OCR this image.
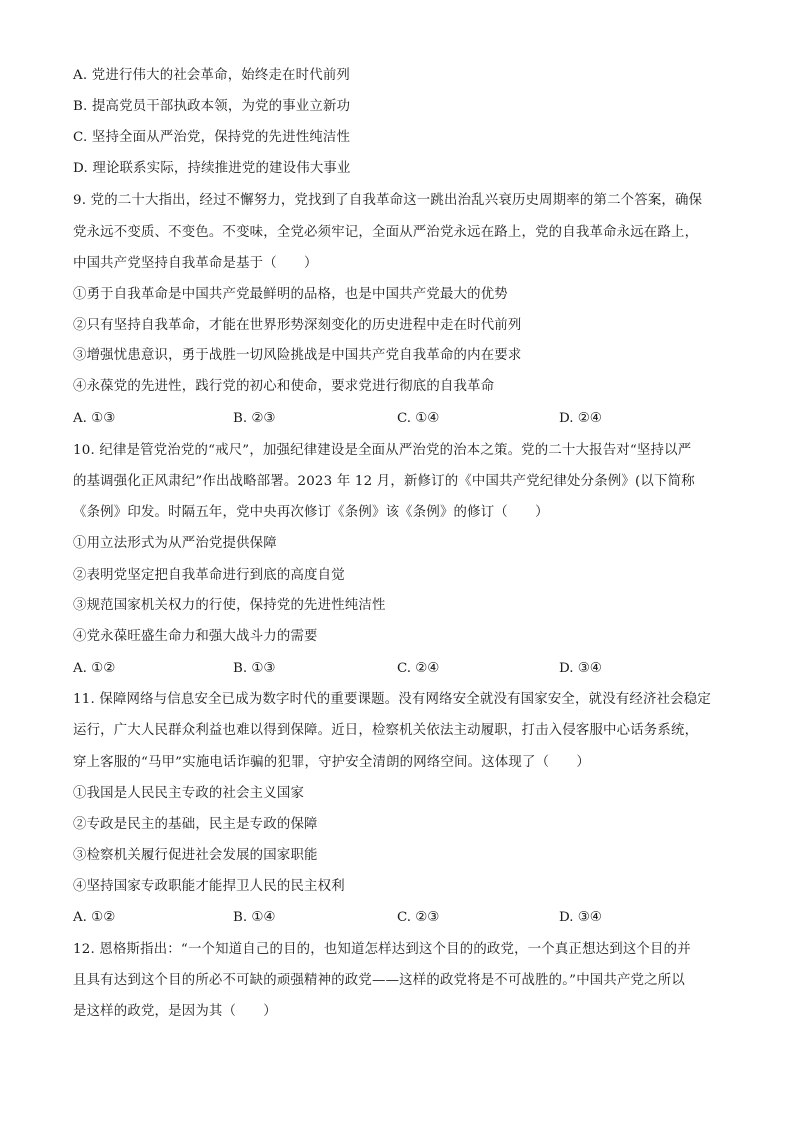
A. 党进行伟大的社会革命，始终走在时代前列
B. 提高党员干部执政本领，为党的事业立新功
C. 坚持全面从严治党，保持党的先进性纯洁性
D. 理论联系实际，持续推进党的建设伟大事业
9. 党的二十大指出，经过不懈努力，党找到了自我革命这一跳出治乱兴衰历史周期率的第二个答案，确保
党永远不变质、不变色。不变味，全党必须牢记，全面从严治党永远在路上，党的自我革命永远在路上，
中国共产党坚持自我革命是基于（　　）
①勇于自我革命是中国共产党最鲜明的品格，也是中国共产党最大的优势
②只有坚持自我革命，才能在世界形势深刻变化的历史进程中走在时代前列
③增强忧患意识，勇于战胜一切风险挑战是中国共产党自我革命的内在要求
④永葆党的先进性，践行党的初心和使命，要求党进行彻底的自我革命
A. ①③	B. ②③	C. ①④	D. ②④
10. 纪律是管党治党的“戒尺”，加强纪律建设是全面从严治党的治本之策。党的二十大报告对“坚持以严
的基调强化正风肃纪”作出战略部署。2023 年 12 月，新修订的《中国共产党纪律处分条例》(以下简称
《条例》印发。时隔五年，党中央再次修订《条例》该《条例》的修订（　　）
①用立法形式为从严治党提供保障
②表明党坚定把自我革命进行到底的高度自觉
③规范国家机关权力的行使，保持党的先进性纯洁性
④党永葆旺盛生命力和强大战斗力的需要
A. ①②	B. ①③	C. ②④	D. ③④
11. 保障网络与信息安全已成为数字时代的重要课题。没有网络安全就没有国家安全，就没有经济社会稳定
运行，广大人民群众利益也难以得到保障。近日，检察机关依法主动履职，打击入侵客服中心话务系统，
穿上客服的“马甲”实施电话诈骗的犯罪，守护安全清朗的网络空间。这体现了（　　）
①我国是人民民主专政的社会主义国家
②专政是民主的基础，民主是专政的保障
③检察机关履行促进社会发展的国家职能
④坚持国家专政职能才能捍卫人民的民主权利
A. ①②	B. ①④	C. ②③	D. ③④
12. 恩格斯指出：“一个知道自己的目的，也知道怎样达到这个目的的政党，一个真正想达到这个目的并
且具有达到这个目的所必不可缺的顽强精神的政党——这样的政党将是不可战胜的。”中国共产党之所以
是这样的政党，是因为其（　　）
